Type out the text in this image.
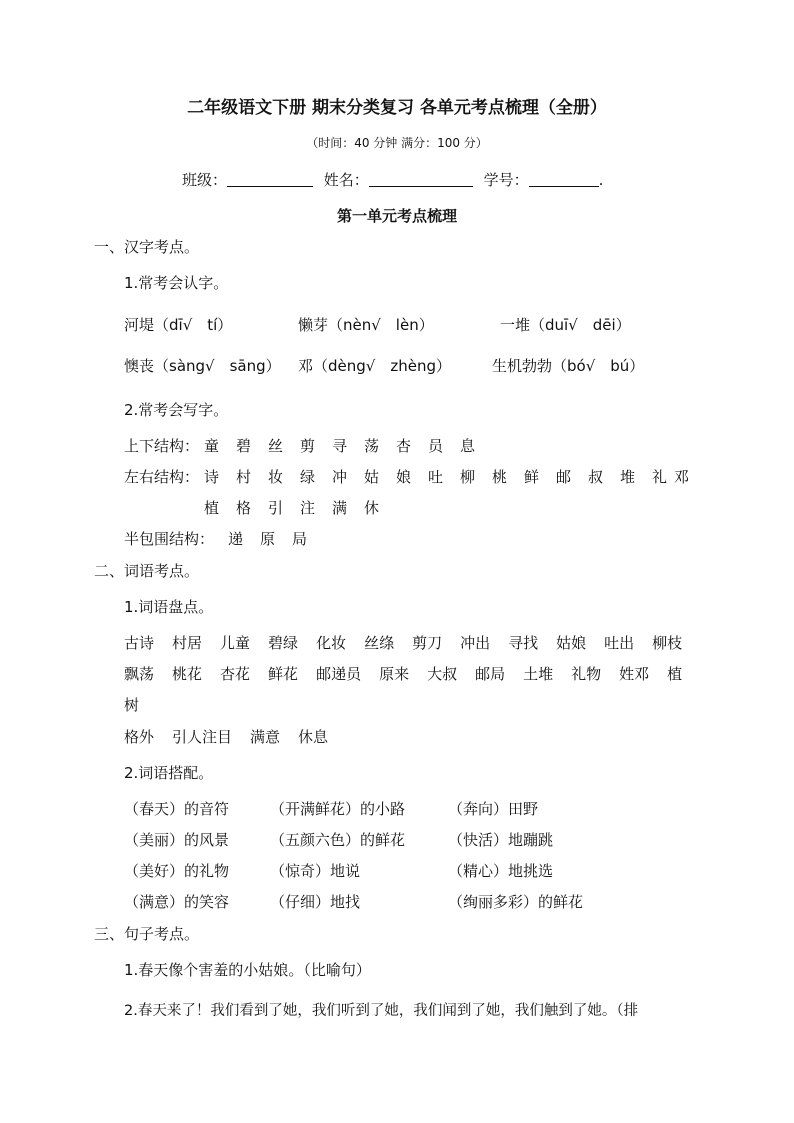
二年级语文下册 期末分类复习 各单元考点梳理（全册）
（时间：40 分钟 满分：100 分）
班级：	姓名：	学号：	.
第一单元考点梳理
一、汉字考点。
1.常考会认字。
河堤（dī√　tí）	懒芽（nèn√　lèn）	一堆（duī√　dēi）
懊丧（sàng√　sāng） 邓（dèng√　zhèng）	生机勃勃（bó√　bú）
2.常考会写字。
上下结构： 童 碧 丝 剪 寻 荡 杏 员 息
左右结构： 诗 村 妆 绿 冲 姑 娘 吐 柳 桃 鲜 邮 叔 堆 礼 邓
植 格 引 注 满 休
半包围结构： 递 原 局
二、词语考点。
1.词语盘点。
古诗 村居 儿童 碧绿 化妆 丝绦 剪刀 冲出 寻找 姑娘 吐出 柳枝
飘荡 桃花 杏花 鲜花 邮递员 原来 大叔 邮局 土堆 礼物 姓邓 植
树
格外 引人注目 满意 休息
2.词语搭配。
（春天）的音符	（开满鲜花）的小路	（奔向）田野
（美丽）的风景	（五颜六色）的鲜花	（快活）地蹦跳
（美好）的礼物	（惊奇）地说	（精心）地挑选
（满意）的笑容	（仔细）地找	（绚丽多彩）的鲜花
三、句子考点。
1.春天像个害羞的小姑娘。（比喻句）
2.春天来了！我们看到了她，我们听到了她，我们闻到了她，我们触到了她。（排
